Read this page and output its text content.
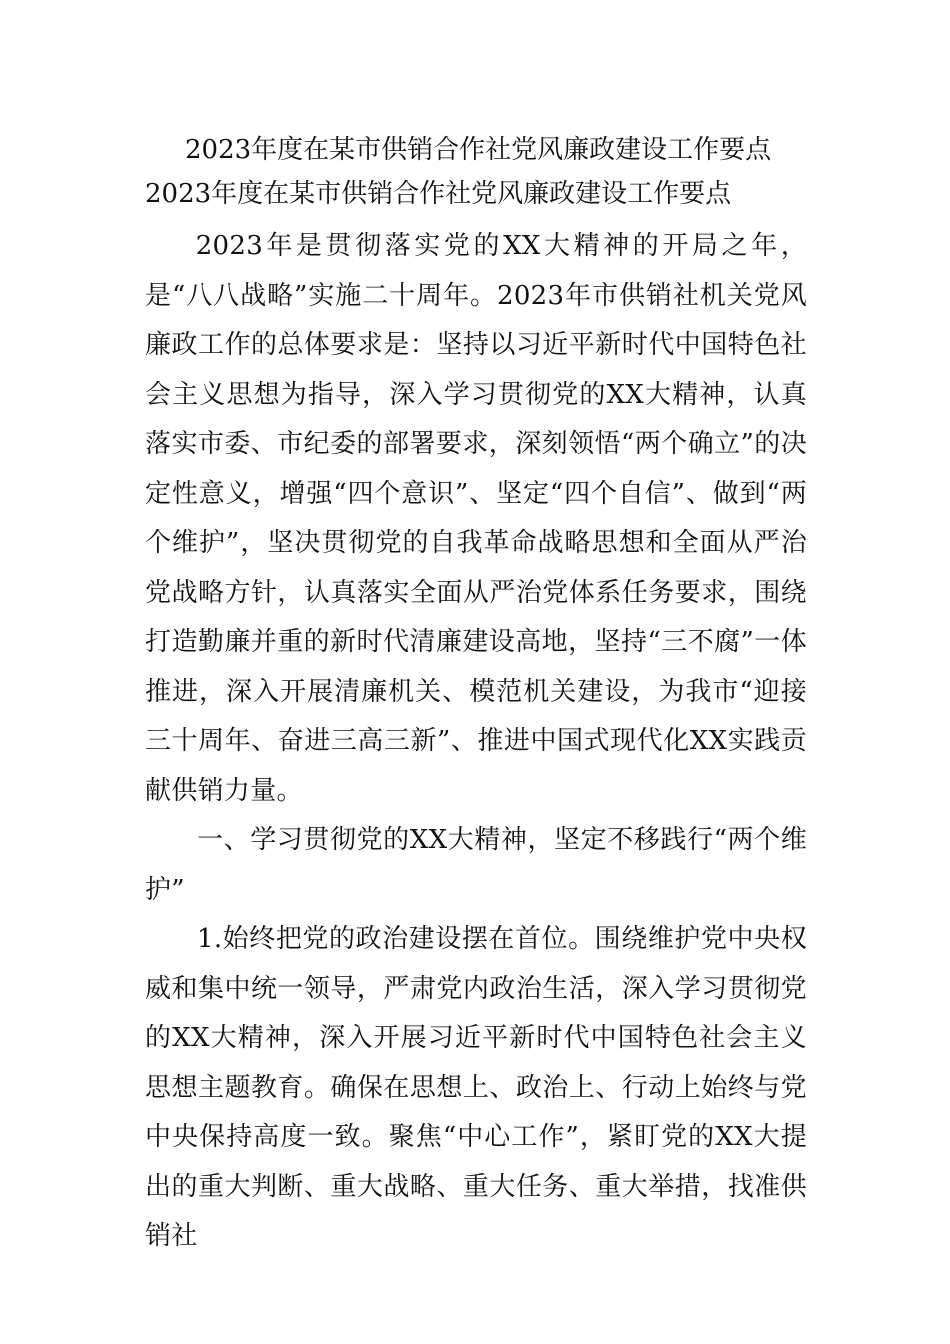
2023年度在某市供销合作社党风廉政建设工作要点
2023年度在某市供销合作社党风廉政建设工作要点

2023年是贯彻落实党的XX大精神的开局之年，是“八八战略”实施二十周年。2023年市供销社机关党风廉政工作的总体要求是：坚持以习近平新时代中国特色社会主义思想为指导，深入学习贯彻党的XX大精神，认真落实市委、市纪委的部署要求，深刻领悟“两个确立”的决定性意义，增强“四个意识”、坚定“四个自信”、做到“两个维护”，坚决贯彻党的自我革命战略思想和全面从严治党战略方针，认真落实全面从严治党体系任务要求，围绕打造勤廉并重的新时代清廉建设高地，坚持“三不腐”一体推进，深入开展清廉机关、模范机关建设，为我市“迎接三十周年、奋进三高三新”、推进中国式现代化XX实践贡献供销力量。

一、学习贯彻党的XX大精神，坚定不移践行“两个维护”

1.始终把党的政治建设摆在首位。围绕维护党中央权威和集中统一领导，严肃党内政治生活，深入学习贯彻党的XX大精神，深入开展习近平新时代中国特色社会主义思想主题教育。确保在思想上、政治上、行动上始终与党中央保持高度一致。聚焦“中心工作”，紧盯党的XX大提出的重大判断、重大战略、重大任务、重大举措，找准供销社
